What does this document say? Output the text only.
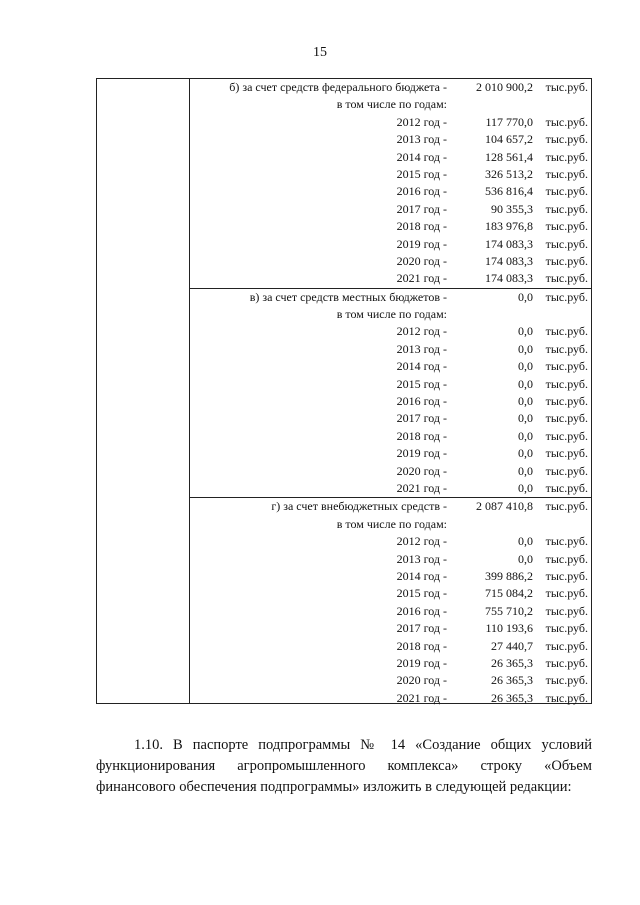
15
б) за счет средств федерального бюджета - 2 010 900,2	тыс.руб.
в том числе по годам:
2012 год -	117 770,0	тыс.руб.
2013 год -	104 657,2	тыс.руб.
2014 год -	128 561,4	тыс.руб.
2015 год -	326 513,2	тыс.руб.
2016 год -	536 816,4	тыс.руб.
2017 год -	90 355,3	тыс.руб.
2018 год -	183 976,8	тыс.руб.
2019 год -	174 083,3	тыс.руб.
2020 год -	174 083,3	тыс.руб.
2021 год -	174 083,3	тыс.руб.
в) за счет средств местных бюджетов -	0,0	тыс.руб.
в том числе по годам:
2012 год -	0,0	тыс.руб.
2013 год -	0,0	тыс.руб.
2014 год -	0,0	тыс.руб.
2015 год -	0,0	тыс.руб.
2016 год -	0,0	тыс.руб.
2017 год -	0,0	тыс.руб.
2018 год -	0,0	тыс.руб.
2019 год -	0,0	тыс.руб.
2020 год -	0,0	тыс.руб.
2021 год -	0,0	тыс.руб.
г) за счет внебюджетных средств - 2 087 410,8	тыс.руб.
в том числе по годам:
2012 год -	0,0	тыс.руб.
2013 год -	0,0	тыс.руб.
2014 год -	399 886,2	тыс.руб.
2015 год -	715 084,2	тыс.руб.
2016 год -	755 710,2	тыс.руб.
2017 год -	110 193,6	тыс.руб.
2018 год -	27 440,7	тыс.руб.
2019 год -	26 365,3	тыс.руб.
2020 год -	26 365,3	тыс.руб.
2021 год -	26 365,3	тыс.руб.
1.10. В паспорте подпрограммы № 14 «Создание общих условий
функционирования агропромышленного комплекса» строку «Объем
финансового обеспечения подпрограммы» изложить в следующей редакции:
